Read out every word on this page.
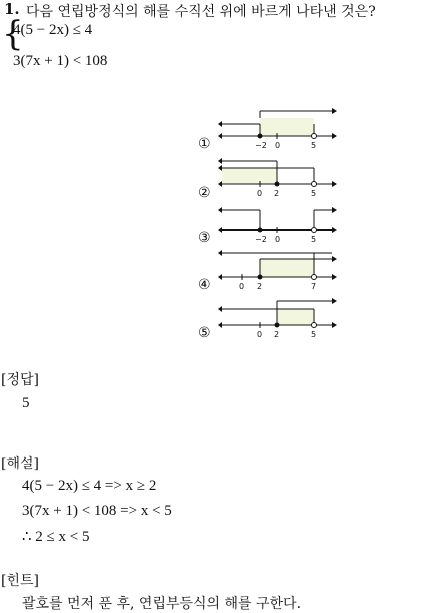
1. 다음 연립방정식의 해를 수직선 위에 바르게 나타낸 것은?
{
4(5 − 2x) ≤ 4
3(7x + 1) < 108
①	−2 0	5
②	0 2	5
③	−2 0	5
④	0 2	7
⑤	0 2	5
[정답]
5
[해설]
4(5 − 2x) ≤ 4 => x ≥ 2
3(7x + 1) < 108 => x < 5
∴ 2 ≤ x < 5
[힌트]
괄호를 먼저 푼 후, 연립부등식의 해를 구한다.
